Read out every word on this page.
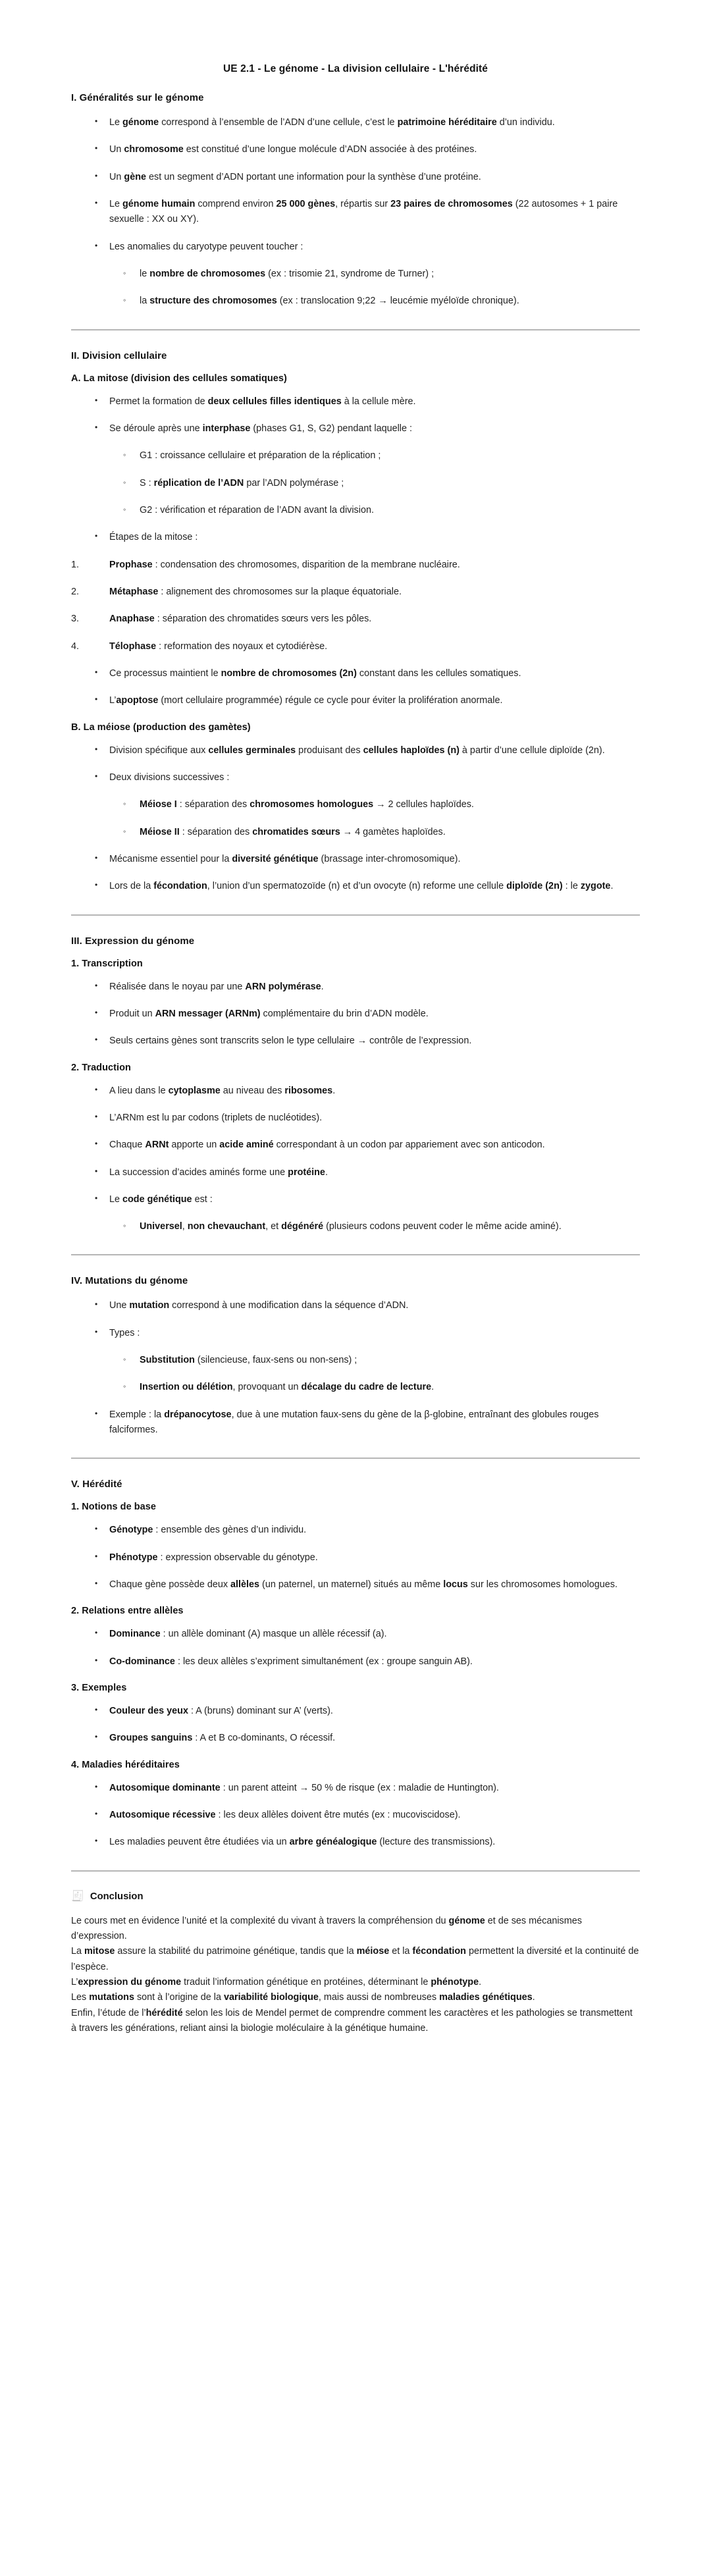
UE 2.1 - Le génome - La division cellulaire - L'hérédité
I. Généralités sur le génome
• Le génome correspond à l’ensemble de l’ADN d’une cellule, c’est le patrimoine héréditaire d’un individu.
• Un chromosome est constitué d’une longue molécule d’ADN associée à des protéines.
• Un gène est un segment d’ADN portant une information pour la synthèse d’une protéine.
• Le génome humain comprend environ 25 000 gènes, répartis sur 23 paires de chromosomes (22 autosomes + 1 paire sexuelle : XX ou XY).
• Les anomalies du caryotype peuvent toucher :
◦ le nombre de chromosomes (ex : trisomie 21, syndrome de Turner) ;
◦ la structure des chromosomes (ex : translocation 9;22 → leucémie myéloïde chronique).
II. Division cellulaire
A. La mitose (division des cellules somatiques)
• Permet la formation de deux cellules filles identiques à la cellule mère.
• Se déroule après une interphase (phases G1, S, G2) pendant laquelle :
◦ G1 : croissance cellulaire et préparation de la réplication ;
◦ S : réplication de l’ADN par l’ADN polymérase ;
◦ G2 : vérification et réparation de l’ADN avant la division.
• Étapes de la mitose :
Prophase : condensation des chromosomes, disparition de la membrane nucléaire.
Métaphase : alignement des chromosomes sur la plaque équatoriale.
Anaphase : séparation des chromatides sœurs vers les pôles.
Télophase : reformation des noyaux et cytodiérèse.
• Ce processus maintient le nombre de chromosomes (2n) constant dans les cellules somatiques.
• L’apoptose (mort cellulaire programmée) régule ce cycle pour éviter la prolifération anormale.
B. La méiose (production des gamètes)
• Division spécifique aux cellules germinales produisant des cellules haploïdes (n) à partir d’une cellule diploïde (2n).
• Deux divisions successives :
◦ Méiose I : séparation des chromosomes homologues → 2 cellules haploïdes.
◦ Méiose II : séparation des chromatides sœurs → 4 gamètes haploïdes.
• Mécanisme essentiel pour la diversité génétique (brassage inter-chromosomique).
• Lors de la fécondation, l’union d’un spermatozoïde (n) et d’un ovocyte (n) reforme une cellule diploïde (2n) : le zygote.
III. Expression du génome
1. Transcription
• Réalisée dans le noyau par une ARN polymérase.
• Produit un ARN messager (ARNm) complémentaire du brin d’ADN modèle.
• Seuls certains gènes sont transcrits selon le type cellulaire → contrôle de l’expression.
2. Traduction
• A lieu dans le cytoplasme au niveau des ribosomes.
• L’ARNm est lu par codons (triplets de nucléotides).
• Chaque ARNt apporte un acide aminé correspondant à un codon par appariement avec son anticodon.
• La succession d’acides aminés forme une protéine.
• Le code génétique est :
◦ Universel, non chevauchant, et dégénéré (plusieurs codons peuvent coder le même acide aminé).
IV. Mutations du génome
• Une mutation correspond à une modification dans la séquence d’ADN.
• Types :
◦ Substitution (silencieuse, faux-sens ou non-sens) ;
◦ Insertion ou délétion, provoquant un décalage du cadre de lecture.
• Exemple : la drépanocytose, due à une mutation faux-sens du gène de la β-globine, entraînant des globules rouges falciformes.
V. Hérédité
1. Notions de base
• Génotype : ensemble des gènes d’un individu.
• Phénotype : expression observable du génotype.
• Chaque gène possède deux allèles (un paternel, un maternel) situés au même locus sur les chromosomes homologues.
2. Relations entre allèles
• Dominance : un allèle dominant (A) masque un allèle récessif (a).
• Co-dominance : les deux allèles s’expriment simultanément (ex : groupe sanguin AB).
3. Exemples
• Couleur des yeux : A (bruns) dominant sur A’ (verts).
• Groupes sanguins : A et B co-dominants, O récessif.
4. Maladies héréditaires
• Autosomique dominante : un parent atteint → 50 % de risque (ex : maladie de Huntington).
• Autosomique récessive : les deux allèles doivent être mutés (ex : mucoviscidose).
• Les maladies peuvent être étudiées via un arbre généalogique (lecture des transmissions).
🧾 Conclusion

Le cours met en évidence l’unité et la complexité du vivant à travers la compréhension du génome et de ses mécanismes d’expression.

La mitose assure la stabilité du patrimoine génétique, tandis que la méiose et la fécondation permettent la diversité et la continuité de l’espèce.

L’expression du génome traduit l’information génétique en protéines, déterminant le phénotype.

Les mutations sont à l’origine de la variabilité biologique, mais aussi de nombreuses maladies génétiques.

Enfin, l’étude de l’hérédité selon les lois de Mendel permet de comprendre comment les caractères et les pathologies se transmettent à travers les générations, reliant ainsi la biologie moléculaire à la génétique humaine.
